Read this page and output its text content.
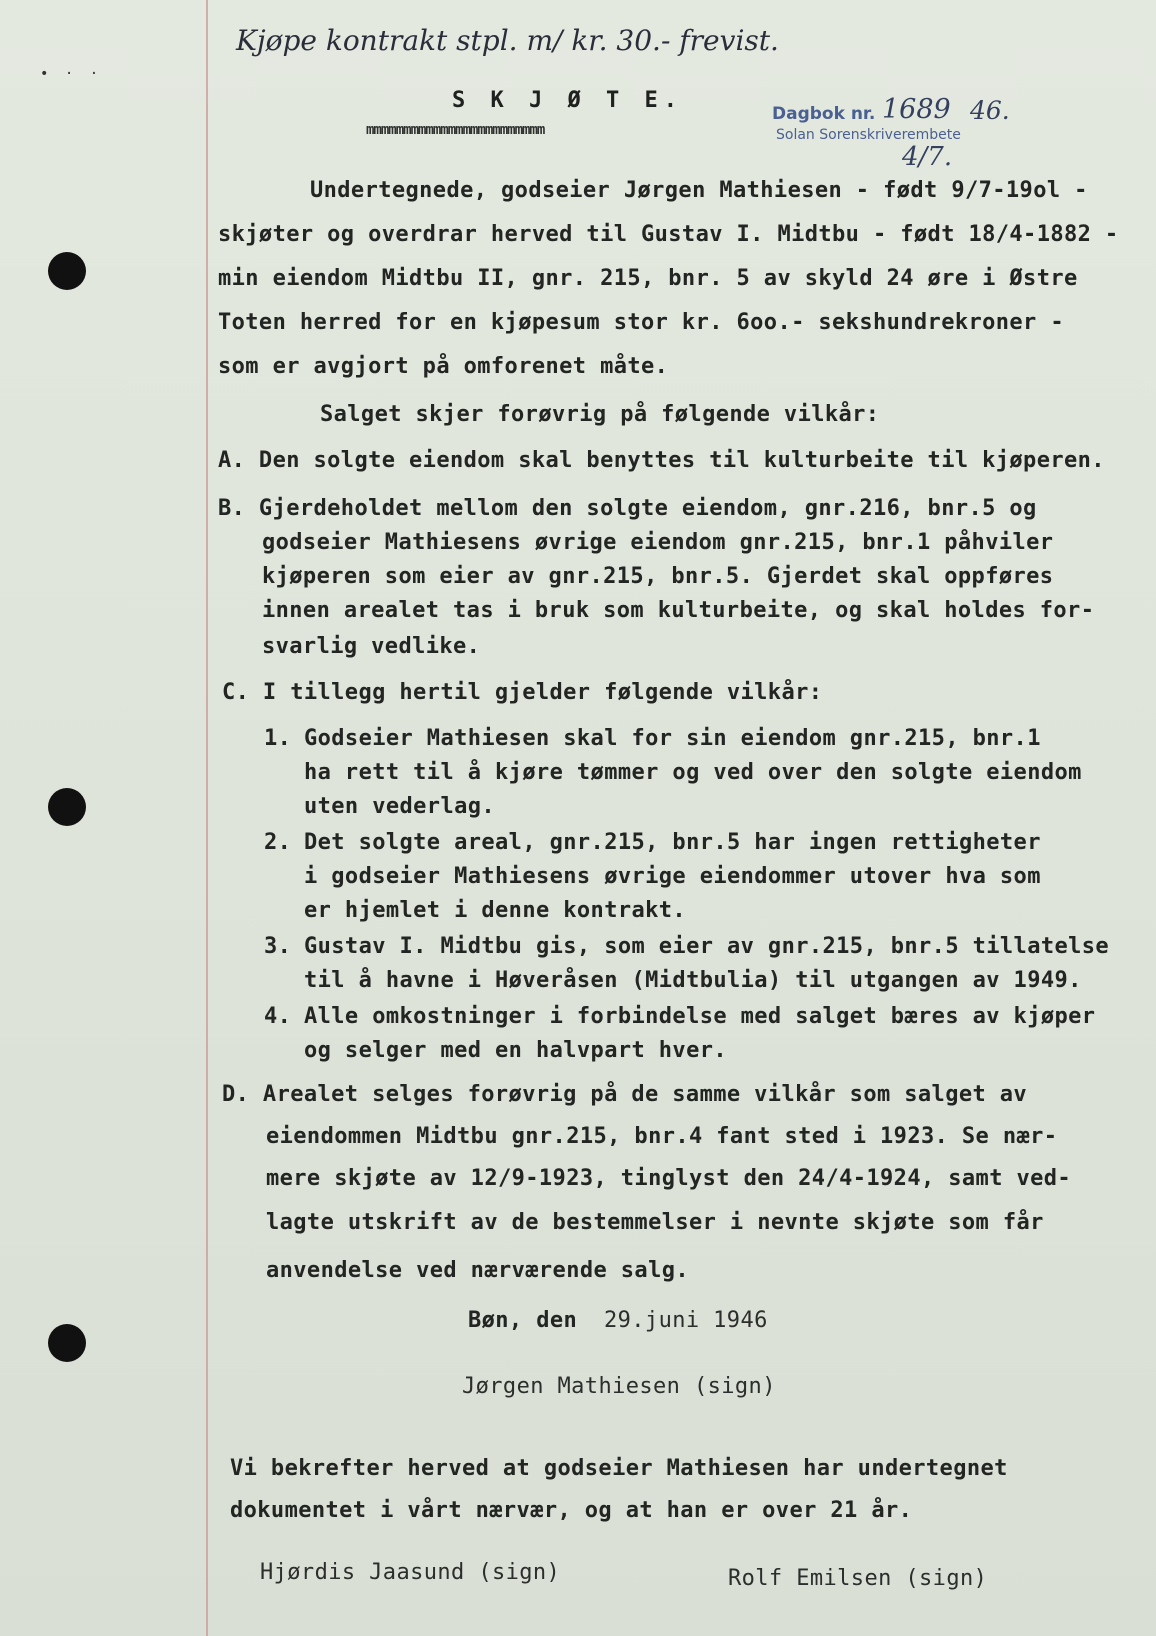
• · ·
Kjøpe kontrakt stpl. m/ kr. 30.- frevist.
S K J Ø T E.
mmmmmmmmmmmmmmmmmmmmmmmm
Dagbok nr. 1689 46.
Solan Sorenskriverembete
4/7.
Undertegnede, godseier Jørgen Mathiesen - født 9/7-19ol -
skjøter og overdrar herved til Gustav I. Midtbu - født 18/4-1882 -
min eiendom Midtbu II, gnr. 215, bnr. 5 av skyld 24 øre i Østre
Toten herred for en kjøpesum stor kr. 6oo.- sekshundrekroner -
som er avgjort på omforenet måte.
Salget skjer forøvrig på følgende vilkår:
A. Den solgte eiendom skal benyttes til kulturbeite til kjøperen.
B. Gjerdeholdet mellom den solgte eiendom, gnr.216, bnr.5 og
godseier Mathiesens øvrige eiendom gnr.215, bnr.1 påhviler
kjøperen som eier av gnr.215, bnr.5. Gjerdet skal oppføres
innen arealet tas i bruk som kulturbeite, og skal holdes for-
svarlig vedlike.
C. I tillegg hertil gjelder følgende vilkår:
1. Godseier Mathiesen skal for sin eiendom gnr.215, bnr.1
ha rett til å kjøre tømmer og ved over den solgte eiendom
uten vederlag.
2. Det solgte areal, gnr.215, bnr.5 har ingen rettigheter
i godseier Mathiesens øvrige eiendommer utover hva som
er hjemlet i denne kontrakt.
3. Gustav I. Midtbu gis, som eier av gnr.215, bnr.5 tillatelse
til å havne i Høveråsen (Midtbulia) til utgangen av 1949.
4. Alle omkostninger i forbindelse med salget bæres av kjøper
og selger med en halvpart hver.
D. Arealet selges forøvrig på de samme vilkår som salget av
eiendommen Midtbu gnr.215, bnr.4 fant sted i 1923. Se nær-
mere skjøte av 12/9-1923, tinglyst den 24/4-1924, samt ved-
lagte utskrift av de bestemmelser i nevnte skjøte som får
anvendelse ved nærværende salg.
Bøn, den 29.juni 1946
Jørgen Mathiesen (sign)
Vi bekrefter herved at godseier Mathiesen har undertegnet
dokumentet i vårt nærvær, og at han er over 21 år.
Hjørdis Jaasund (sign)	Rolf Emilsen (sign)
